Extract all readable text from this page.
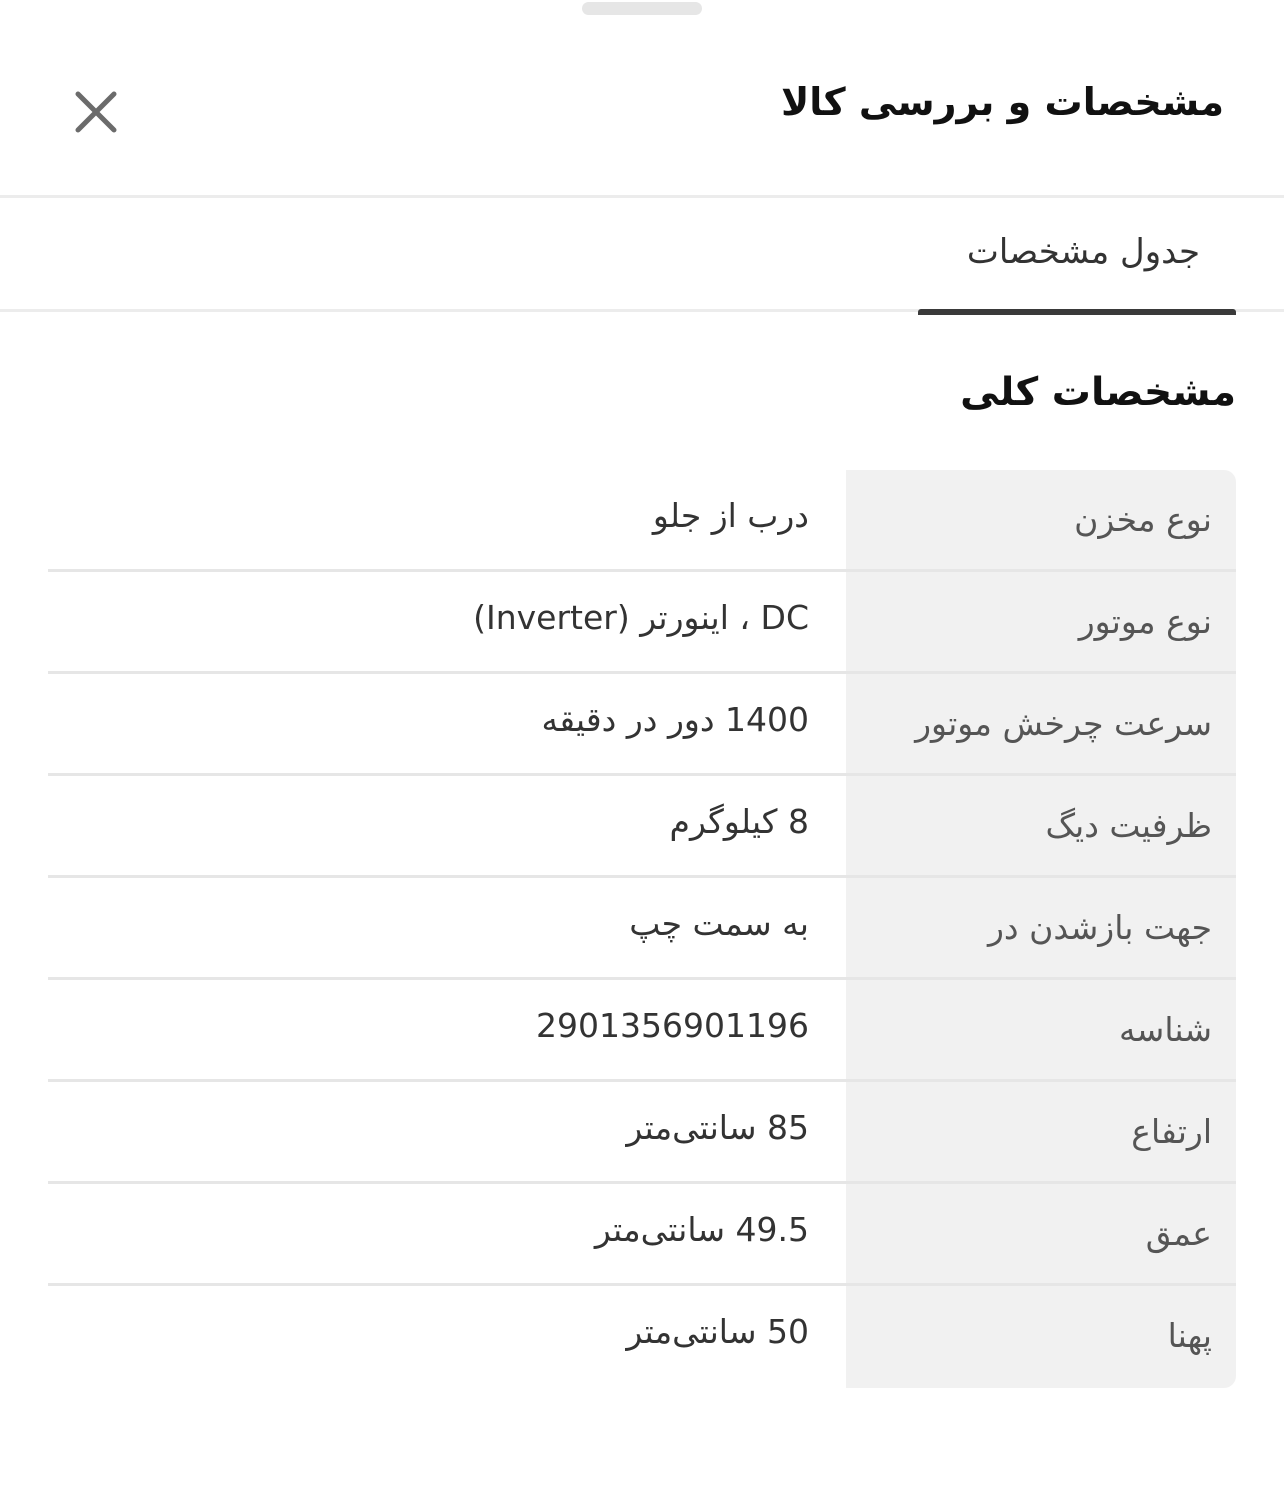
مشخصات و بررسی کالا
جدول مشخصات
مشخصات کلی
نوع مخزن
درب از جلو
نوع موتور
DC ، اینورتر (Inverter)
سرعت چرخش موتور
1400 دور در دقیقه
ظرفیت دیگ
8 کیلوگرم
جهت بازشدن در
به سمت چپ
شناسه
2901356901196
ارتفاع
85 سانتی‌متر
عمق
49.5 سانتی‌متر
پهنا
50 سانتی‌متر
